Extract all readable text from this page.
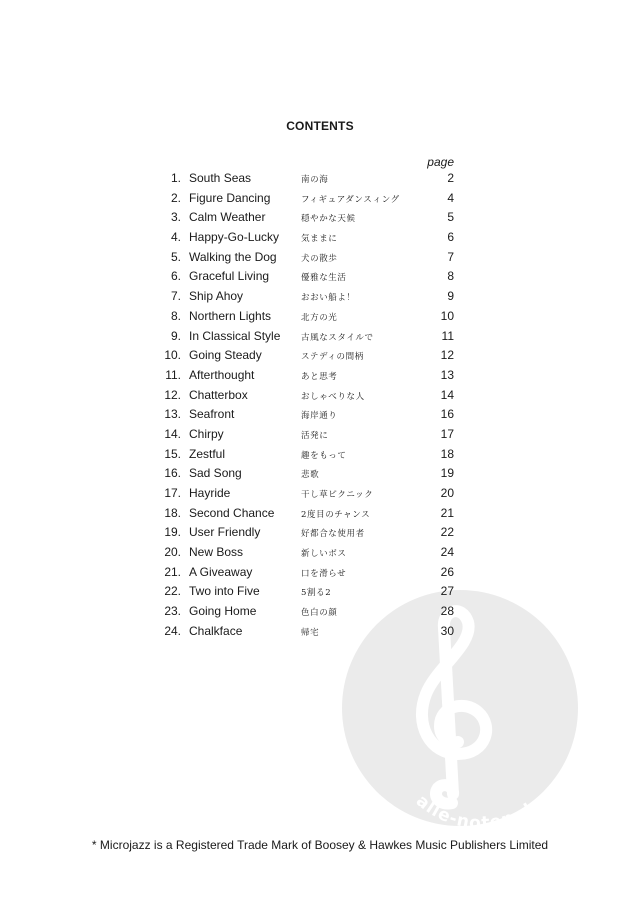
alle-noten.de
CONTENTS
page
1. South Seas	南の海	2
2. Figure Dancing	フィギュアダンスィング	4
3. Calm Weather	穏やかな天候	5
4. Happy-Go-Lucky	気ままに	6
5. Walking the Dog	犬の散歩	7
6. Graceful Living	優雅な生活	8
7. Ship Ahoy	おおい船よ！	9
8. Northern Lights	北方の光	10
9. In Classical Style 古風なスタイルで	11
10. Going Steady	ステディの間柄	12
11. Afterthought	あと思考	13
12. Chatterbox	おしゃべりな人	14
13. Seafront	海岸通り	16
14. Chirpy	活発に	17
15. Zestful	趣をもって	18
16. Sad Song	悲歌	19
17. Hayride	干し草ピクニック	20
18. Second Chance	2度目のチャンス	21
19. User Friendly	好都合な使用者	22
20. New Boss	新しいボス	24
21. A Giveaway	口を滑らせ	26
22. Two into Five	5割る2	27
23. Going Home	色白の顔	28
24. Chalkface	帰宅	30
* Microjazz is a Registered Trade Mark of Boosey & Hawkes Music Publishers Limited
